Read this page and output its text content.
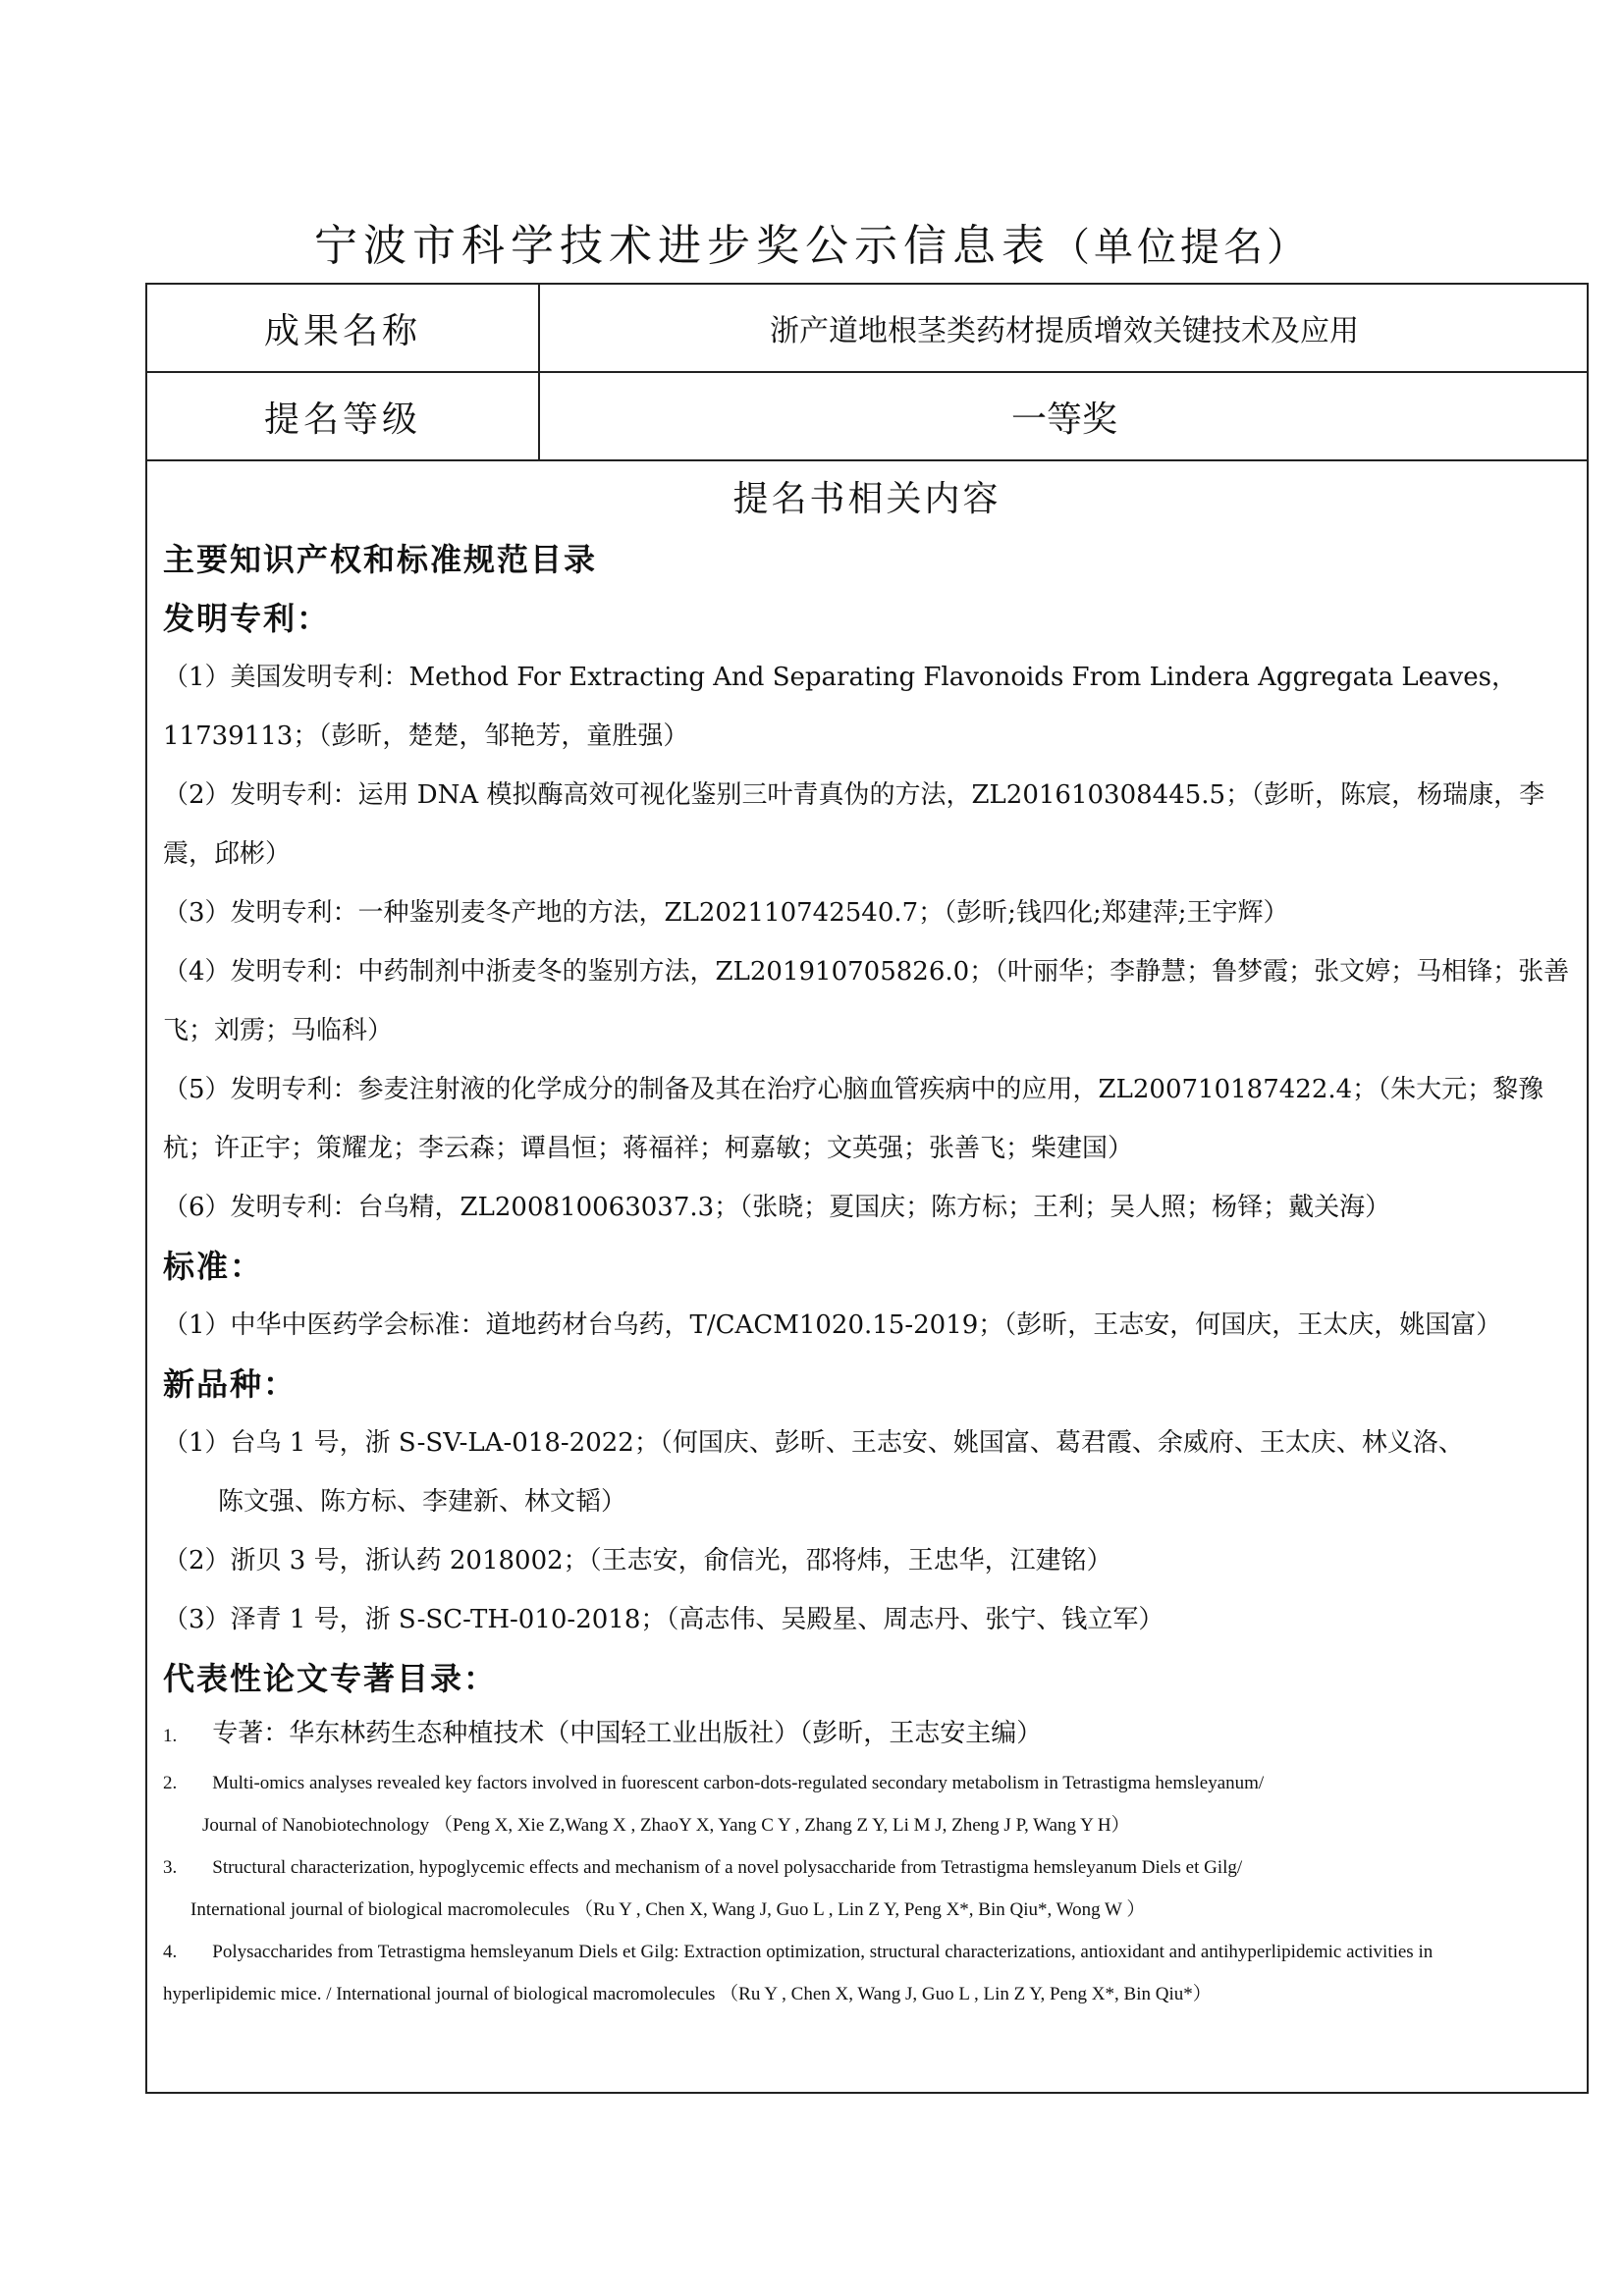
宁波市科学技术进步奖公示信息表（单位提名）
成果名称	浙产道地根茎类药材提质增效关键技术及应用
提名等级	一等奖
提名书相关内容
主要知识产权和标准规范目录
发明专利：

（1）美国发明专利：Method For Extracting And Separating Flavonoids From Lindera Aggregata Leaves，11739113；（彭昕，楚楚，邹艳芳，童胜强）

（2）发明专利：运用 DNA 模拟酶高效可视化鉴别三叶青真伪的方法，ZL201610308445.5；（彭昕，陈宸，杨瑞康，李震，邱彬）

（3）发明专利：一种鉴别麦冬产地的方法，ZL202110742540.7；（彭昕;钱四化;郑建萍;王宇辉）

（4）发明专利：中药制剂中浙麦冬的鉴别方法，ZL201910705826.0；（叶丽华；李静慧；鲁梦霞；张文婷；马相锋；张善飞；刘雳；马临科）

（5）发明专利：参麦注射液的化学成分的制备及其在治疗心脑血管疾病中的应用，ZL200710187422.4；（朱大元；黎豫杭；许正宇；策耀龙；李云森；谭昌恒；蒋福祥；柯嘉敏；文英强；张善飞；柴建国）

（6）发明专利：台乌精，ZL200810063037.3；（张晓；夏国庆；陈方标；王利；吴人照；杨铎；戴关海）

标准：

（1）中华中医药学会标准：道地药材台乌药，T/CACM1020.15-2019；（彭昕，王志安，何国庆，王太庆，姚国富）

新品种：

（1）台乌 1 号，浙 S-SV-LA-018-2022；（何国庆、彭昕、王志安、姚国富、葛君霞、余威府、王太庆、林义洛、

陈文强、陈方标、李建新、林文韬）

（2）浙贝 3 号，浙认药 2018002；（王志安，俞信光，邵将炜，王忠华，江建铭）

（3）泽青 1 号，浙 S-SC-TH-010-2018；（高志伟、吴殿星、周志丹、张宁、钱立军）

代表性论文专著目录：

1. 专著：华东林药生态种植技术（中国轻工业出版社）（彭昕，王志安主编）

2. Multi-omics analyses revealed key factors involved in fuorescent carbon-dots-regulated secondary metabolism in Tetrastigma hemsleyanum/
Journal of Nanobiotechnology （Peng X, Xie Z,Wang X , ZhaoY X, Yang C Y , Zhang Z Y, Li M J, Zheng J P, Wang Y H）

3. Structural characterization, hypoglycemic effects and mechanism of a novel polysaccharide from Tetrastigma hemsleyanum Diels et Gilg/
International journal of biological macromolecules （Ru Y , Chen X, Wang J, Guo L , Lin Z Y, Peng X*, Bin Qiu*, Wong W ）

4. Polysaccharides from Tetrastigma hemsleyanum Diels et Gilg: Extraction optimization, structural characterizations, antioxidant and antihyperlipidemic activities in
hyperlipidemic mice. / International journal of biological macromolecules （Ru Y , Chen X, Wang J, Guo L , Lin Z Y, Peng X*, Bin Qiu*）
